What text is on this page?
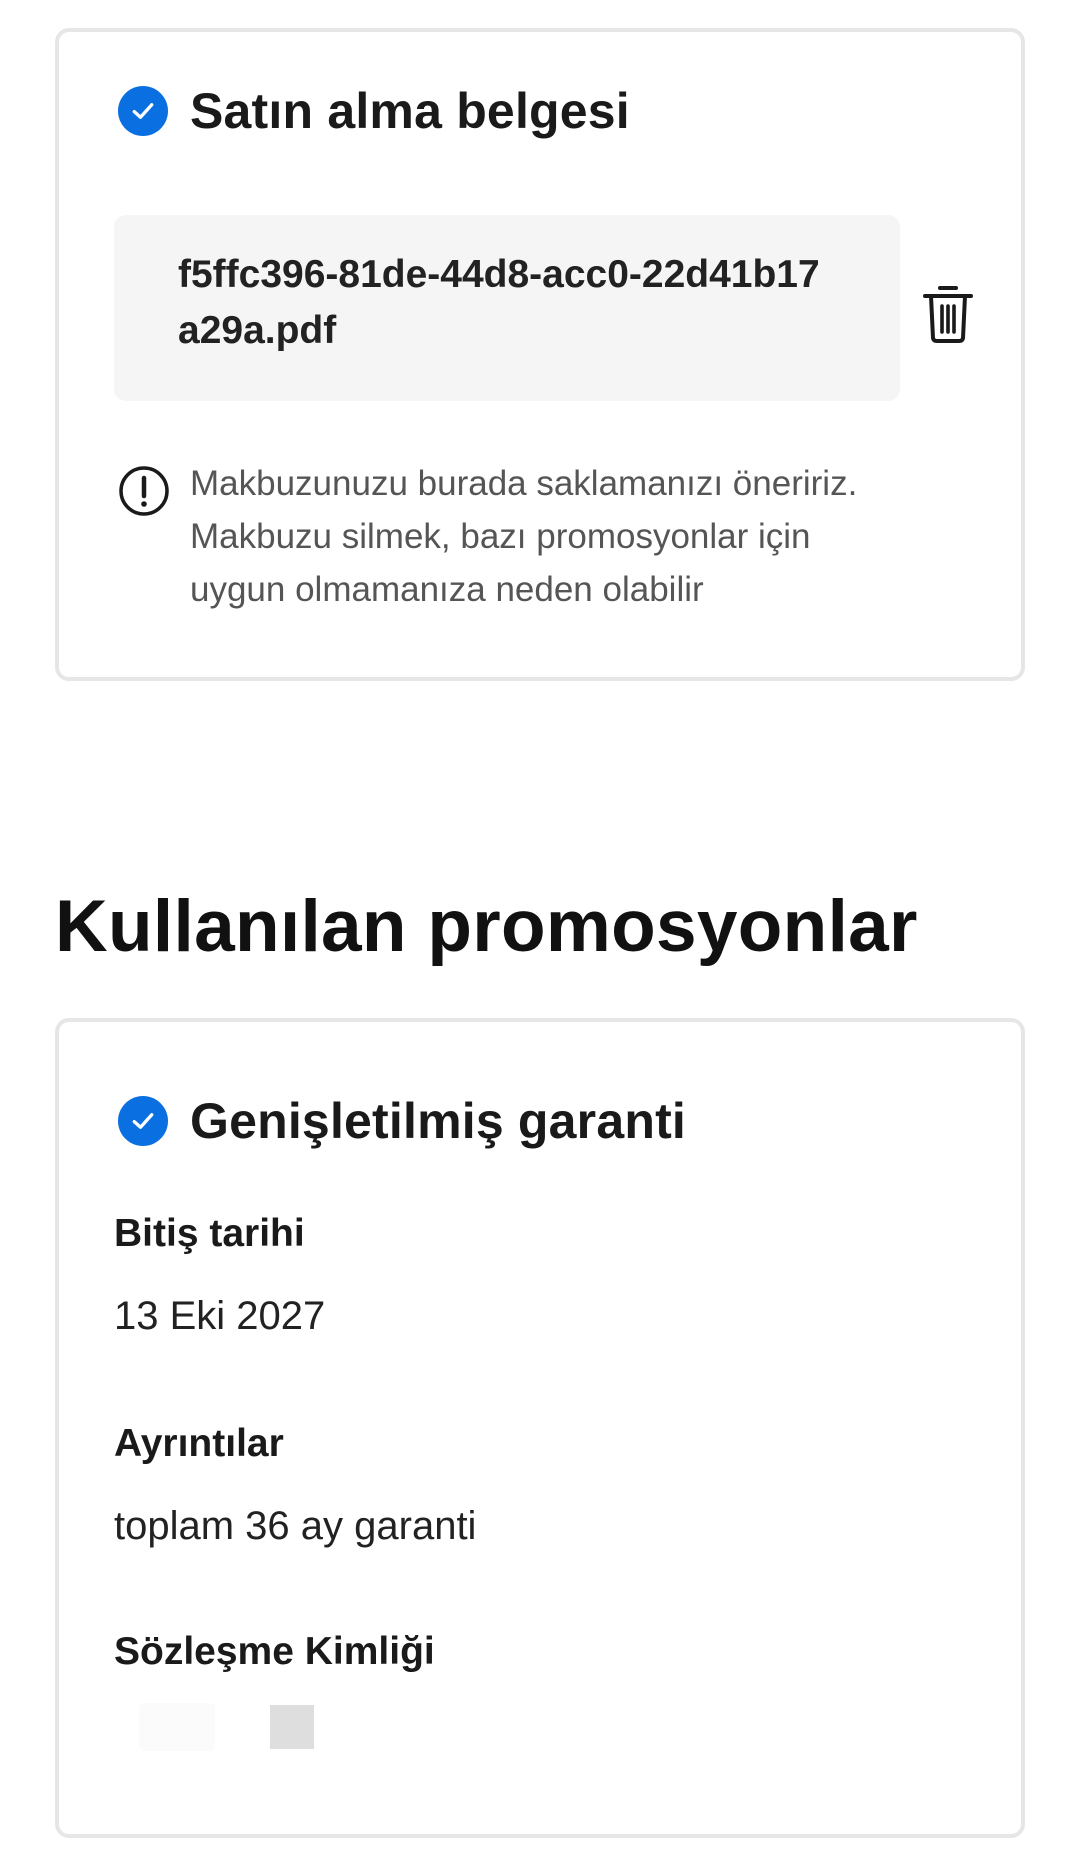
Satın alma belgesi
f5ffc396-81de-44d8-acc0-22d41b17a29a.pdf
Makbuzunuzu burada saklamanızı öneririz. Makbuzu silmek, bazı promosyonlar için uygun olmamanıza neden olabilir
Kullanılan promosyonlar
Genişletilmiş garanti
Bitiş tarihi
13 Eki 2027
Ayrıntılar
toplam 36 ay garanti
Sözleşme Kimliği
